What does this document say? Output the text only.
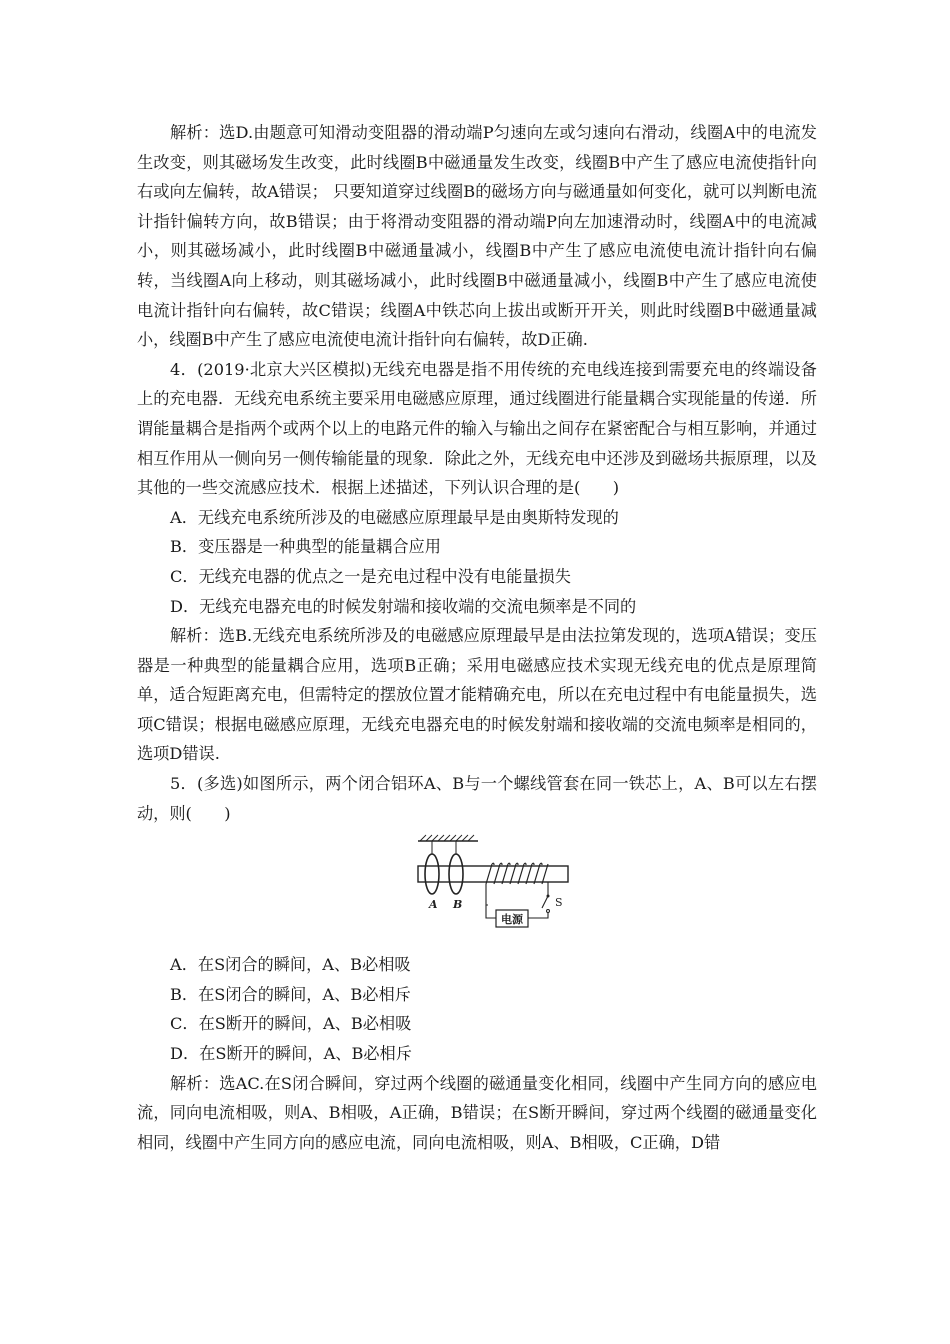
解析：选D.由题意可知滑动变阻器的滑动端P匀速向左或匀速向右滑动，线圈A中的电流发生改变，则其磁场发生改变，此时线圈B中磁通量发生改变，线圈B中产生了感应电流使指针向右或向左偏转，故A错误； 只要知道穿过线圈B的磁场方向与磁通量如何变化，就可以判断电流计指针偏转方向，故B错误；由于将滑动变阻器的滑动端P向左加速滑动时，线圈A中的电流减小，则其磁场减小，此时线圈B中磁通量减小，线圈B中产生了感应电流使电流计指针向右偏转，当线圈A向上移动，则其磁场减小，此时线圈B中磁通量减小，线圈B中产生了感应电流使电流计指针向右偏转，故C错误；线圈A中铁芯向上拔出或断开开关，则此时线圈B中磁通量减小，线圈B中产生了感应电流使电流计指针向右偏转，故D正确.

4．(2019·北京大兴区模拟)无线充电器是指不用传统的充电线连接到需要充电的终端设备上的充电器．无线充电系统主要采用电磁感应原理，通过线圈进行能量耦合实现能量的传递．所谓能量耦合是指两个或两个以上的电路元件的输入与输出之间存在紧密配合与相互影响，并通过相互作用从一侧向另一侧传输能量的现象．除此之外，无线充电中还涉及到磁场共振原理，以及其他的一些交流感应技术．根据上述描述，下列认识合理的是(　　)

A．无线充电系统所涉及的电磁感应原理最早是由奥斯特发现的

B．变压器是一种典型的能量耦合应用

C．无线充电器的优点之一是充电过程中没有电能量损失

D．无线充电器充电的时候发射端和接收端的交流电频率是不同的

解析：选B.无线充电系统所涉及的电磁感应原理最早是由法拉第发现的，选项A错误；变压器是一种典型的能量耦合应用，选项B正确；采用电磁感应技术实现无线充电的优点是原理简单，适合短距离充电，但需特定的摆放位置才能精确充电，所以在充电过程中有电能量损失，选项C错误；根据电磁感应原理，无线充电器充电的时候发射端和接收端的交流电频率是相同的，选项D错误.

5．(多选)如图所示，两个闭合铝环A、B与一个螺线管套在同一铁芯上，A、B可以左右摆动，则(　　)

电源
A B	S

A．在S闭合的瞬间，A、B必相吸

B．在S闭合的瞬间，A、B必相斥

C．在S断开的瞬间，A、B必相吸

D．在S断开的瞬间，A、B必相斥

解析：选AC.在S闭合瞬间，穿过两个线圈的磁通量变化相同，线圈中产生同方向的感应电流，同向电流相吸，则A、B相吸，A正确，B错误；在S断开瞬间，穿过两个线圈的磁通量变化相同，线圈中产生同方向的感应电流，同向电流相吸，则A、B相吸，C正确，D错
